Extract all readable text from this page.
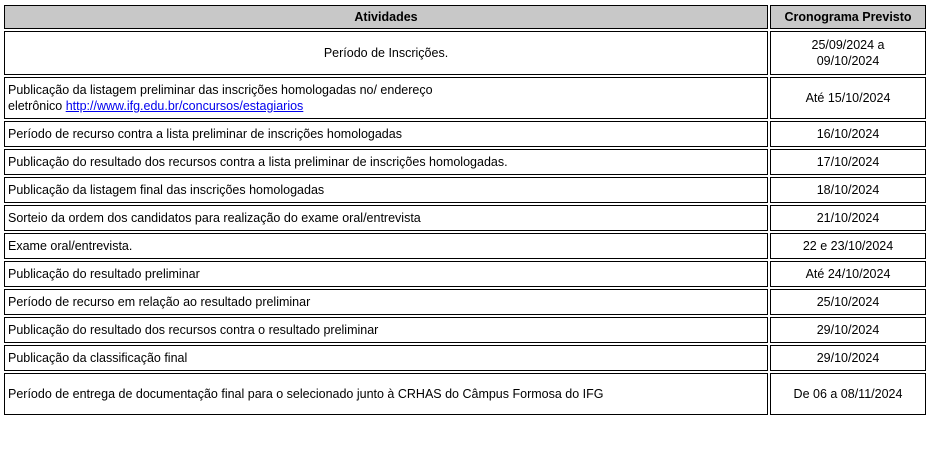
Atividades	Cronograma Previsto
Período de Inscrições.	25/09/2024 a
09/10/2024
Publicação da listagem preliminar das inscrições homologadas no/ endereço
eletrônico http://www.ifg.edu.br/concursos/estagiarios	Até 15/10/2024
Período de recurso contra a lista preliminar de inscrições homologadas	16/10/2024
Publicação do resultado dos recursos contra a lista preliminar de inscrições homologadas.	17/10/2024
Publicação da listagem final das inscrições homologadas	18/10/2024
Sorteio da ordem dos candidatos para realização do exame oral/entrevista	21/10/2024
Exame oral/entrevista.	22 e 23/10/2024
Publicação do resultado preliminar	Até 24/10/2024
Período de recurso em relação ao resultado preliminar	25/10/2024
Publicação do resultado dos recursos contra o resultado preliminar	29/10/2024
Publicação da classificação final	29/10/2024
Período de entrega de documentação final para o selecionado junto à CRHAS do Câmpus Formosa do IFG	De 06 a 08/11/2024
